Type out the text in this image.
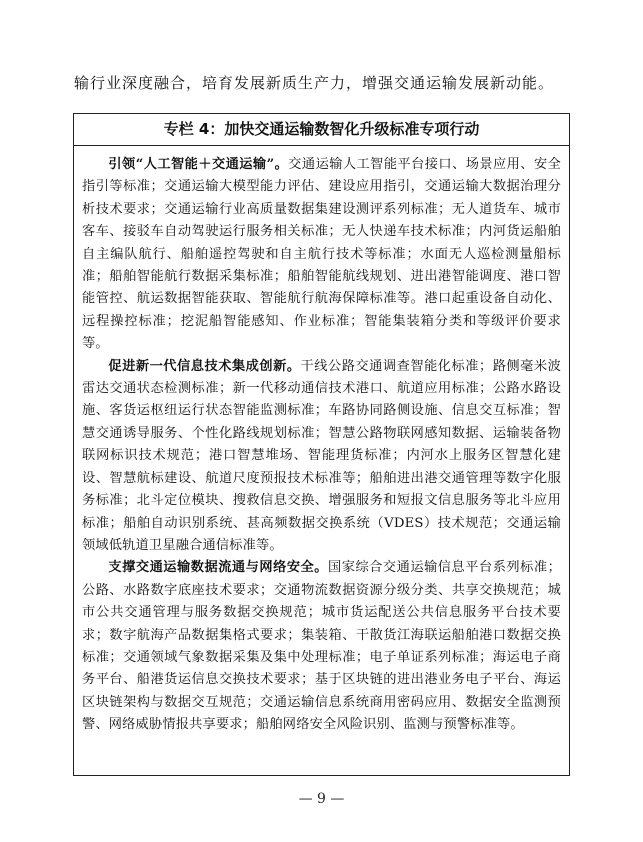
输行业深度融合，培育发展新质生产力，增强交通运输发展新动能。
专栏 4：加快交通运输数智化升级标准专项行动

引领“人工智能＋交通运输”。交通运输人工智能平台接口、场景应用、安全指引等标准；交通运输大模型能力评估、建设应用指引，交通运输大数据治理分析技术要求；交通运输行业高质量数据集建设测评系列标准；无人道货车、城市客车、接驳车自动驾驶运行服务相关标准；无人快递车技术标准；内河货运船舶自主编队航行、船舶遥控驾驶和自主航行技术等标准；水面无人巡检测量船标准；船舶智能航行数据采集标准；船舶智能航线规划、进出港智能调度、港口智能管控、航运数据智能获取、智能航行航海保障标准等。港口起重设备自动化、远程操控标准；挖泥船智能感知、作业标准；智能集装箱分类和等级评价要求等。

促进新一代信息技术集成创新。干线公路交通调查智能化标准；路侧毫米波雷达交通状态检测标准；新一代移动通信技术港口、航道应用标准；公路水路设施、客货运枢纽运行状态智能监测标准；车路协同路侧设施、信息交互标准；智慧交通诱导服务、个性化路线规划标准；智慧公路物联网感知数据、运输装备物联网标识技术规范；港口智慧堆场、智能理货标准；内河水上服务区智慧化建设、智慧航标建设、航道尺度预报技术标准等；船舶进出港交通管理等数字化服务标准；北斗定位模块、搜救信息交换、增强服务和短报文信息服务等北斗应用标准；船舶自动识别系统、甚高频数据交换系统（VDES）技术规范；交通运输领域低轨道卫星融合通信标准等。

支撑交通运输数据流通与网络安全。国家综合交通运输信息平台系列标准；公路、水路数字底座技术要求；交通物流数据资源分级分类、共享交换规范；城市公共交通管理与服务数据交换规范；城市货运配送公共信息服务平台技术要求；数字航海产品数据集格式要求；集装箱、干散货江海联运船舶港口数据交换标准；交通领域气象数据采集及集中处理标准；电子单证系列标准；海运电子商务平台、船港货运信息交换技术要求；基于区块链的进出港业务电子平台、海运区块链架构与数据交互规范；交通运输信息系统商用密码应用、数据安全监测预警、网络威胁情报共享要求；船舶网络安全风险识别、监测与预警标准等。

— 9 —
